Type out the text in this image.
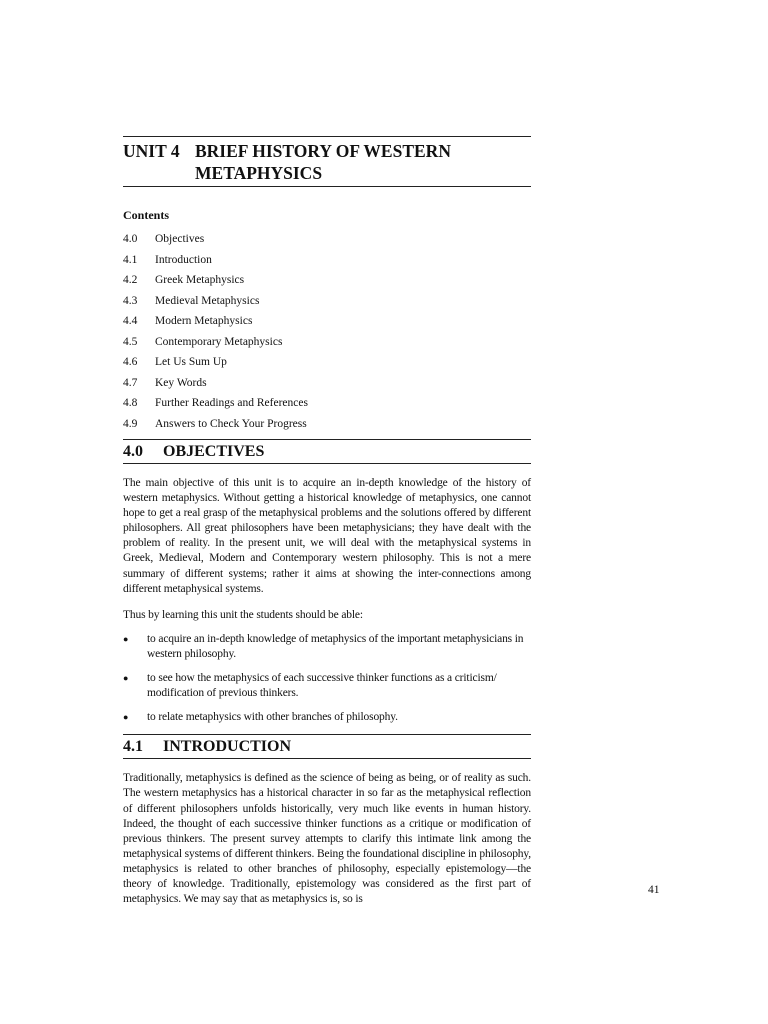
UNIT 4 BRIEF HISTORY OF WESTERN
METAPHYSICS
Contents
4.0	Objectives
4.1	Introduction
4.2	Greek Metaphysics
4.3	Medieval Metaphysics
4.4	Modern Metaphysics
4.5	Contemporary Metaphysics
4.6	Let Us Sum Up
4.7	Key Words
4.8	Further Readings and References
4.9	Answers to Check Your Progress
4.0	OBJECTIVES

The main objective of this unit is to acquire an in-depth knowledge of the history of western metaphysics. Without getting a historical knowledge of metaphysics, one cannot hope to get a real grasp of the metaphysical problems and the solutions offered by different philosophers. All great philosophers have been metaphysicians; they have dealt with the problem of reality. In the present unit, we will deal with the metaphysical systems in Greek, Medieval, Modern and Contemporary western philosophy. This is not a mere summary of different systems; rather it aims at showing the inter-connections among different metaphysical systems.

Thus by learning this unit the students should be able:

●	to acquire an in-depth knowledge of metaphysics of the important metaphysicians in western philosophy.
●	to see how the metaphysics of each successive thinker functions as a criticism/ modification of previous thinkers.
●	to relate metaphysics with other branches of philosophy.
4.1	INTRODUCTION

Traditionally, metaphysics is defined as the science of being as being, or of reality as such. The western metaphysics has a historical character in so far as the metaphysical reflection of different philosophers unfolds historically, very much like events in human history. Indeed, the thought of each successive thinker functions as a critique or modification of previous thinkers. The present survey attempts to clarify this intimate link among the metaphysical systems of different thinkers. Being the foundational discipline in philosophy, metaphysics is related to other branches of philosophy, especially epistemology—the theory of knowledge. Traditionally, epistemology was considered as the first part of metaphysics. We may say that as metaphysics is, so is

41
